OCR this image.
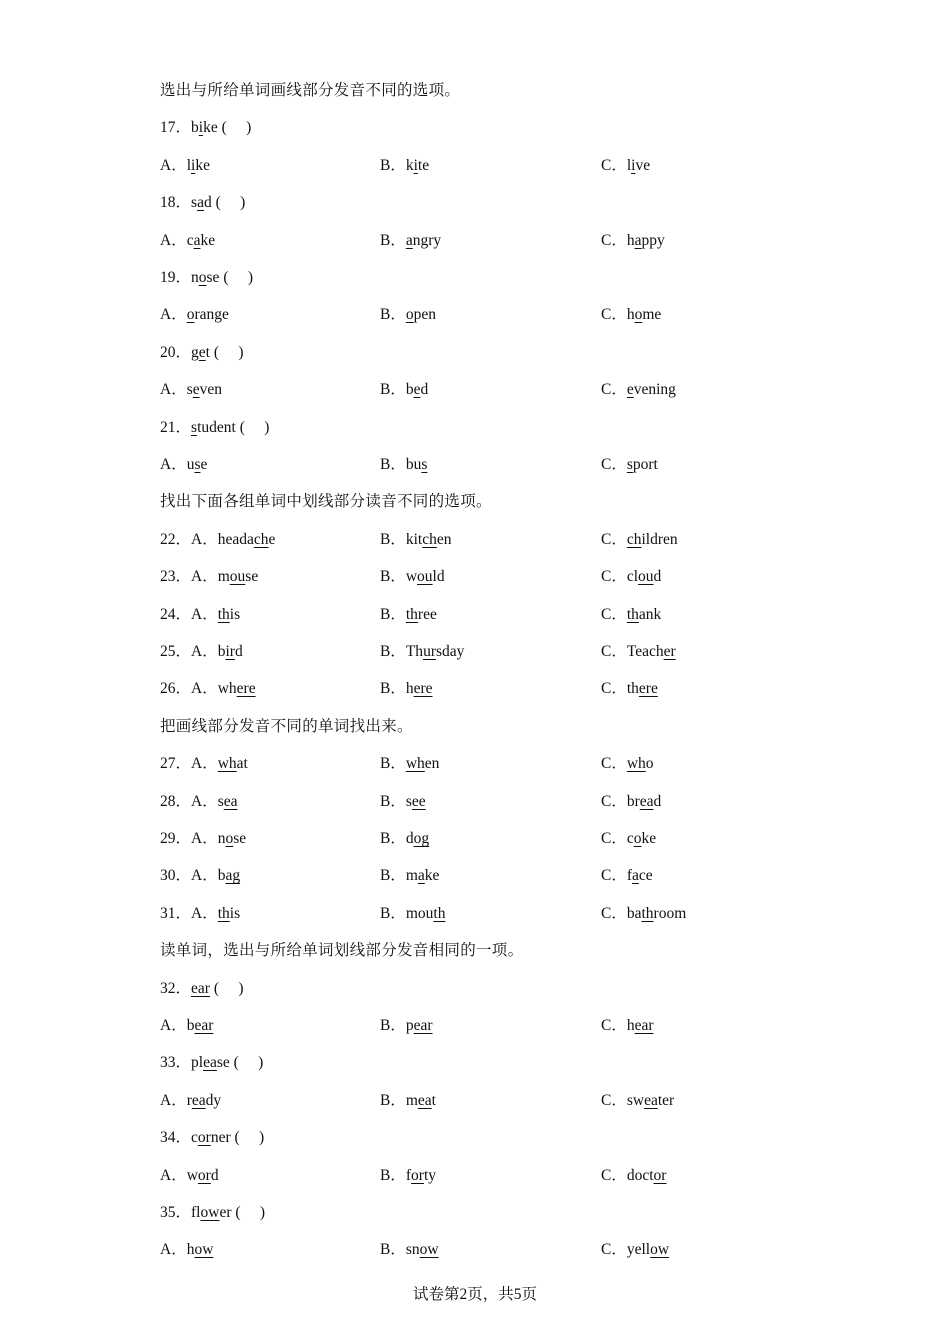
选出与所给单词画线部分发音不同的选项。
17．bike (     )
A．like	B．kite	C．live
18．sad (     )
A．cake	B．angry	C．happy
19．nose (     )
A．orange	B．open	C．home
20．get (     )
A．seven	B．bed	C．evening
21．student (     )
A．use	B．bus	C．sport
找出下面各组单词中划线部分读音不同的选项。
22．A．headache	B．kitchen	C．children
23．A．mouse	B．would	C．cloud
24．A．this	B．three	C．thank
25．A．bird	B．Thursday	C．Teacher
26．A．where	B．here	C．there
把画线部分发音不同的单词找出来。
27．A．what	B．when	C．who
28．A．sea	B．see	C．bread
29．A．nose	B．dog	C．coke
30．A．bag	B．make	C．face
31．A．this	B．mouth	C．bathroom
读单词，选出与所给单词划线部分发音相同的一项。
32．ear (     )
A．bear	B．pear	C．hear
33．please (     )
A．ready	B．meat	C．sweater
34．corner (     )
A．word	B．forty	C．doctor
35．flower (     )
A．how	B．snow	C．yellow
试卷第2页，共5页
